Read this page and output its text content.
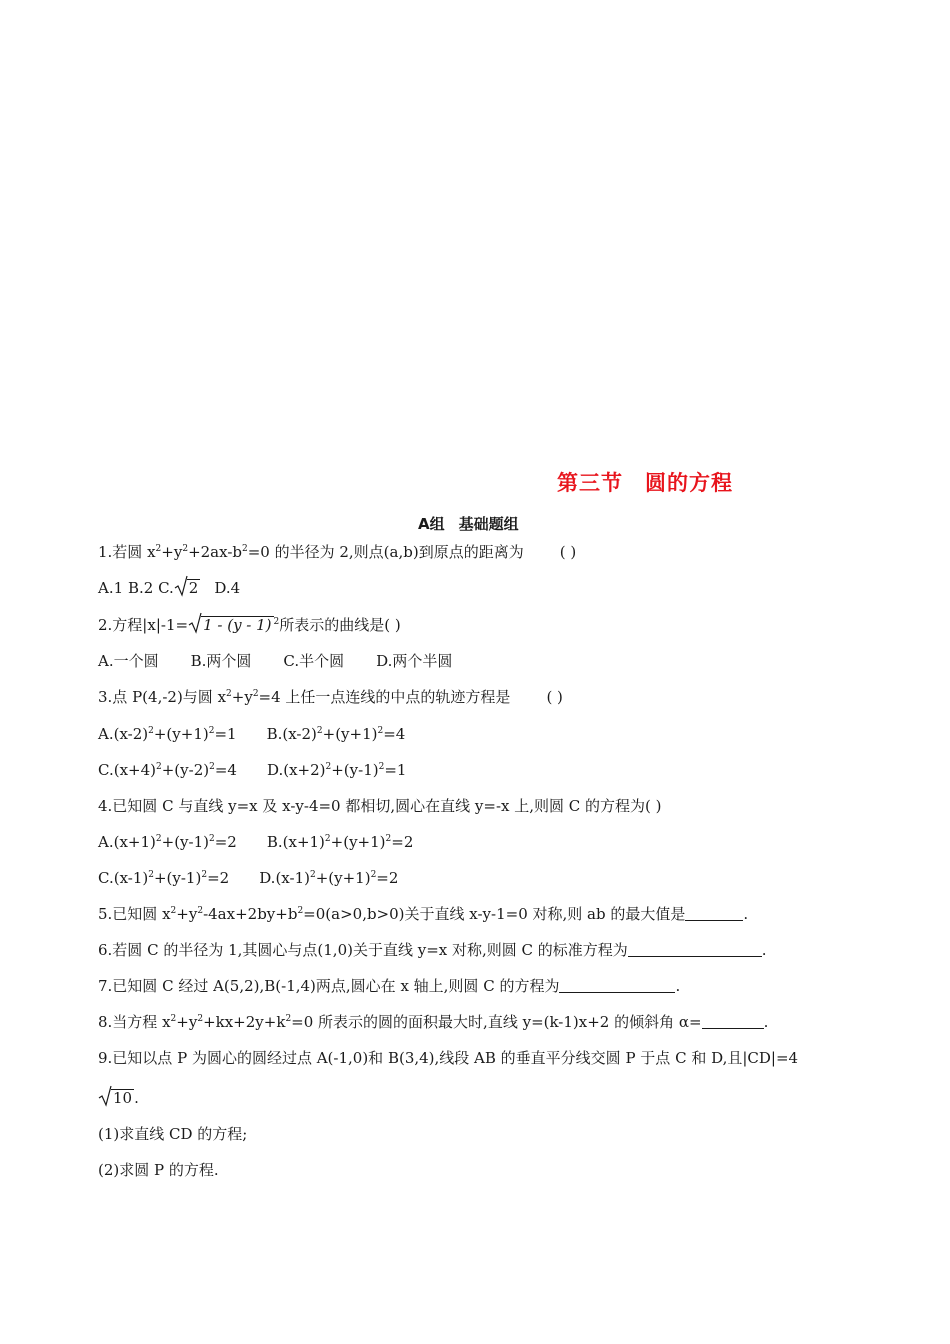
第三节 圆的方程
A组 基础题组
1.若圆 $x^2+y^2+2ax-b^2=0$ 的半径为 2,则点(a,b)到原点的距离为 ( )
A.1 B.2 C. 2 D.4
2.方程|x|-1= 1 - (y - 1) $^2$所表示的曲线是( )
A.一个圆 B.两个圆 C.半个圆 D.两个半圆
3.点 P(4,-2)与圆 $x^2+y^2=4$ 上任一点连线的中点的轨迹方程是 ( )
$A.(x-2)^2+(y+1)^2=1$ $B.(x-2)^2+(y+1)^2=4$
$C.(x+4)^2+(y-2)^2=4$ $D.(x+2)^2+(y-1)^2=1$
4.已知圆 C 与直线 y=x 及 x-y-4=0 都相切,圆心在直线 y=-x 上,则圆 C 的方程为( )
$A.(x+1)^2+(y-1)^2=2$ $B.(x+1)^2+(y+1)^2=2$
$C.(x-1)^2+(y-1)^2=2$ $D.(x-1)^2+(y+1)^2=2$
5.已知圆 $x^2+y^2-4ax+2by+b^2=0(a>0,b>0)$关于直线 x-y-1=0 对称,则 ab 的最大值是	.
6.若圆 C 的半径为 1,其圆心与点(1,0)关于直线 y=x 对称,则圆 C 的标准方程为	.
7.已知圆 C 经过 A(5,2),B(-1,4)两点,圆心在 x 轴上,则圆 C 的方程为	.
8.当方程 $x^2+y^2+kx+2y+k^2=0$ 所表示的圆的面积最大时,直线 y=(k-1)x+2 的倾斜角 α=	.
9.已知以点 P 为圆心的圆经过点 A(-1,0)和 B(3,4),线段 AB 的垂直平分线交圆 P 于点 C 和 D,且|CD|=4
10 .
(1)求直线 CD 的方程;
(2)求圆 P 的方程.
